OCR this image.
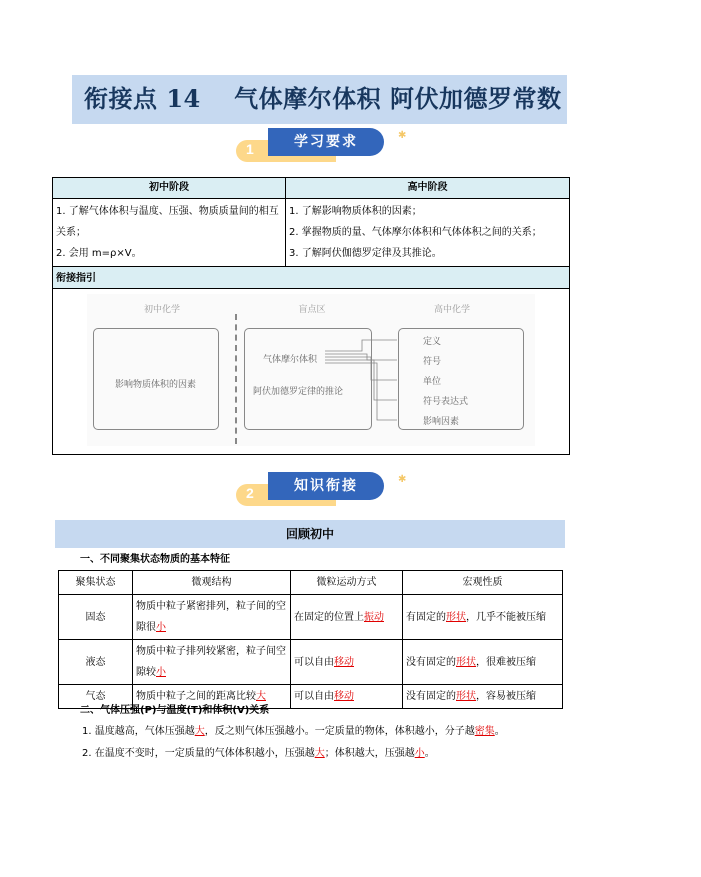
衔接点 14　 气体摩尔体积 阿伏加德罗常数
1	学习要求	✱
初中阶段	高中阶段

1. 了解气体体积与温度、压强、物质质量间的相互关系；
2. 会用 m=ρ×V。

1. 了解影响物质体积的因素；
2. 掌握物质的量、气体摩尔体积和气体体积之间的关系；
3. 了解阿伏伽德罗定律及其推论。

衔接指引	

初中化学	盲点区	高中化学
影响物质体积的因素
气体摩尔体积
阿伏加德罗定律的推论
定义
符号
单位
符号表达式
影响因素
2	知识衔接	✱
回顾初中
一、不同聚集状态物质的基本特征
聚集状态	微观结构	微粒运动方式	宏观性质
固态	物质中粒子紧密排列，粒子间的空隙很小	在固定的位置上振动	有固定的形状，几乎不能被压缩
液态	物质中粒子排列较紧密，粒子间空隙较小	可以自由移动	没有固定的形状，很难被压缩
气态	物质中粒子之间的距离比较大	可以自由移动	没有固定的形状，容易被压缩
二、气体压强(P)与温度(T)和体积(V)关系
1. 温度越高，气体压强越大，反之则气体压强越小。一定质量的物体，体积越小，分子越密集。
2. 在温度不变时，一定质量的气体体积越小，压强越大；体积越大，压强越小。
